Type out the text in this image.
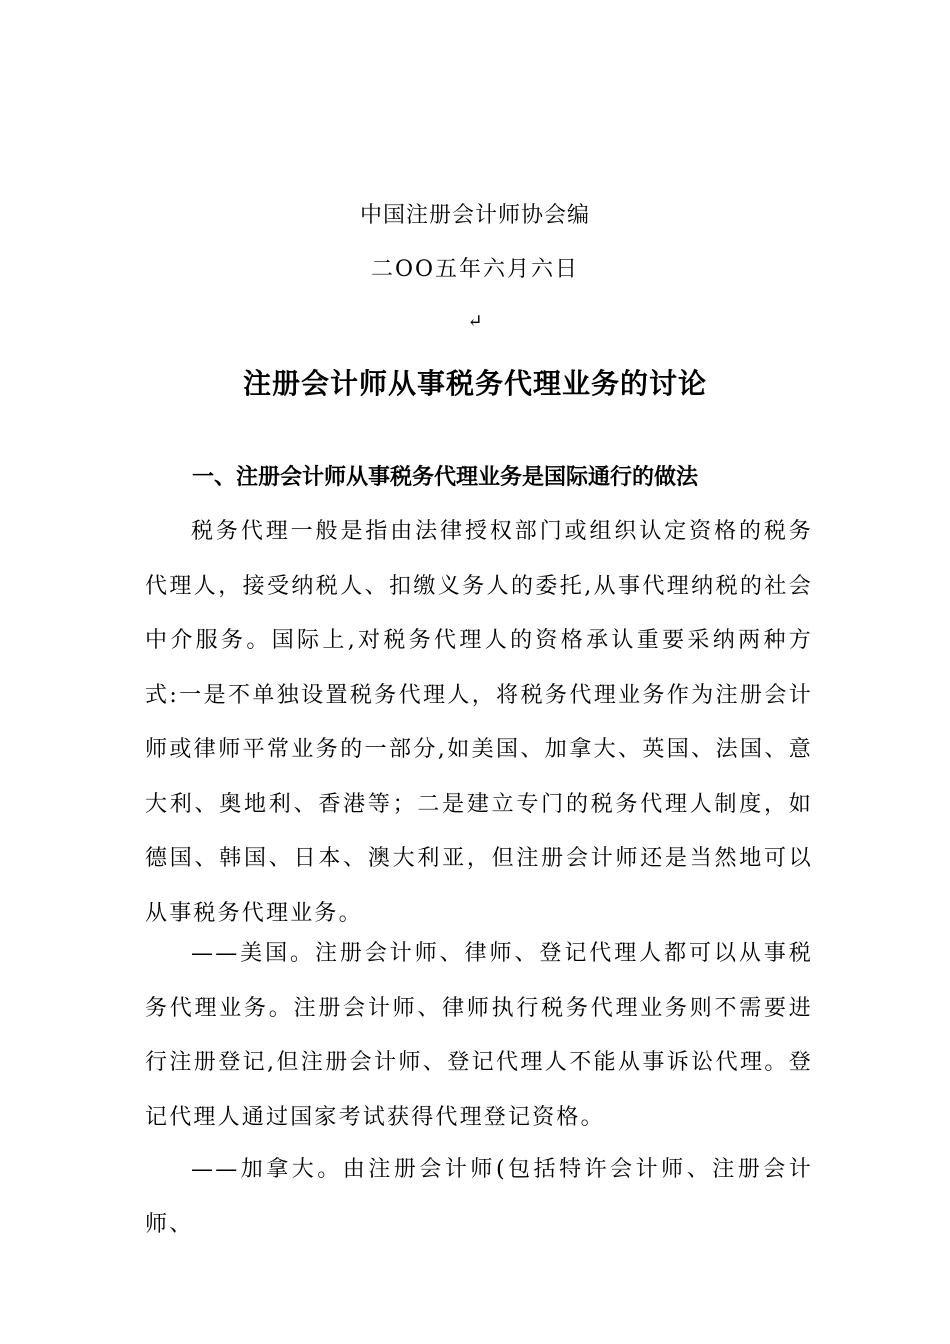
中国注册会计师协会编
二OO五年六月六日
↵
注册会计师从事税务代理业务的讨论
一、注册会计师从事税务代理业务是国际通行的做法

税务代理一般是指由法律授权部门或组织认定资格的税务代理人，接受纳税人、扣缴义务人的委托,从事代理纳税的社会中介服务。国际上,对税务代理人的资格承认重要采纳两种方式:一是不单独设置税务代理人，将税务代理业务作为注册会计师或律师平常业务的一部分,如美国、加拿大、英国、法国、意大利、奥地利、香港等；二是建立专门的税务代理人制度，如德国、韩国、日本、澳大利亚，但注册会计师还是当然地可以从事税务代理业务。

——美国。注册会计师、律师、登记代理人都可以从事税务代理业务。注册会计师、律师执行税务代理业务则不需要进行注册登记,但注册会计师、登记代理人不能从事诉讼代理。登记代理人通过国家考试获得代理登记资格。

——加拿大。由注册会计师(包括特许会计师、注册会计师、
